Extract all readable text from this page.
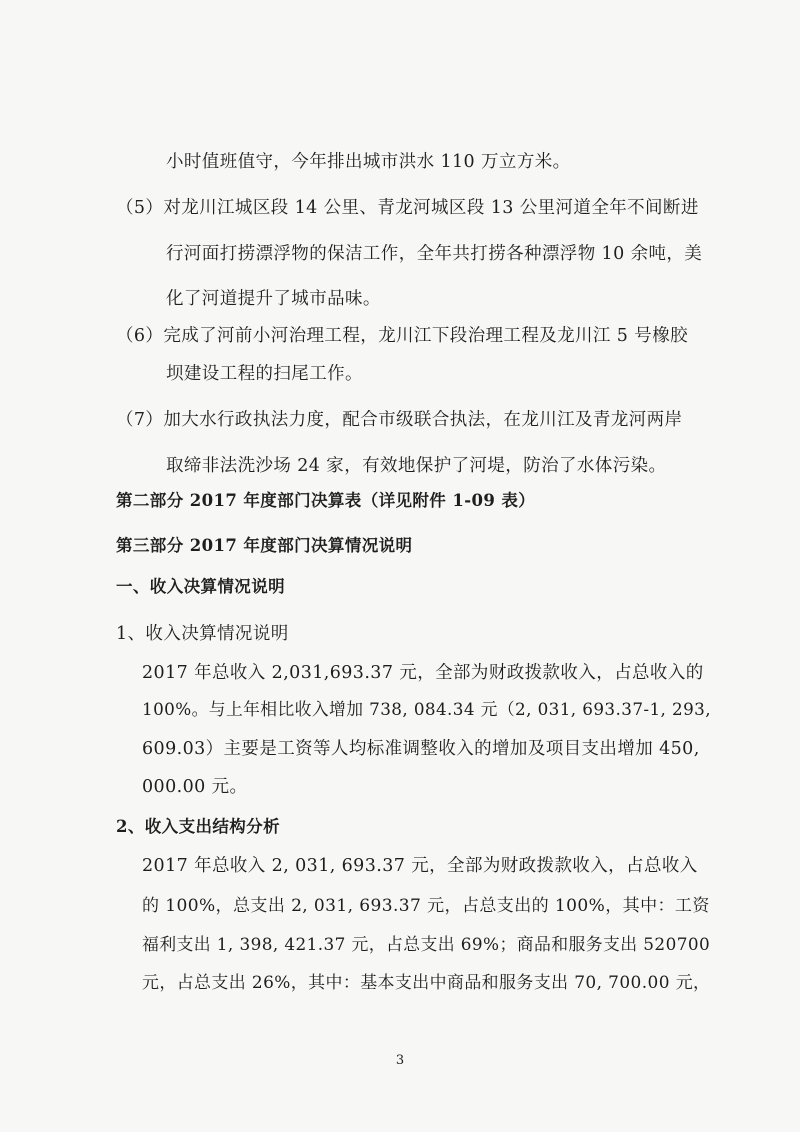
小时值班值守，今年排出城市洪水 110 万立方米。
（5）对龙川江城区段 14 公里、青龙河城区段 13 公里河道全年不间断进
行河面打捞漂浮物的保洁工作，全年共打捞各种漂浮物 10 余吨，美
化了河道提升了城市品味。
（6）完成了河前小河治理工程，龙川江下段治理工程及龙川江 5 号橡胶
坝建设工程的扫尾工作。
（7）加大水行政执法力度，配合市级联合执法，在龙川江及青龙河两岸
取缔非法洗沙场 24 家，有效地保护了河堤，防治了水体污染。
第二部分 2017 年度部门决算表（详见附件 1-09 表）
第三部分 2017 年度部门决算情况说明
一、收入决算情况说明
1、收入决算情况说明
2017 年总收入 2,031,693.37 元，全部为财政拨款收入，占总收入的
100%。与上年相比收入增加 738, 084.34 元（2, 031, 693.37-1, 293,
609.03）主要是工资等人均标准调整收入的增加及项目支出增加 450,
000.00 元。
2、收入支出结构分析
2017 年总收入 2, 031, 693.37 元，全部为财政拨款收入，占总收入
的 100%，总支出 2, 031, 693.37 元，占总支出的 100%，其中：工资
福利支出 1, 398, 421.37 元，占总支出 69%；商品和服务支出 520700
元，占总支出 26%，其中：基本支出中商品和服务支出 70, 700.00 元，
3
